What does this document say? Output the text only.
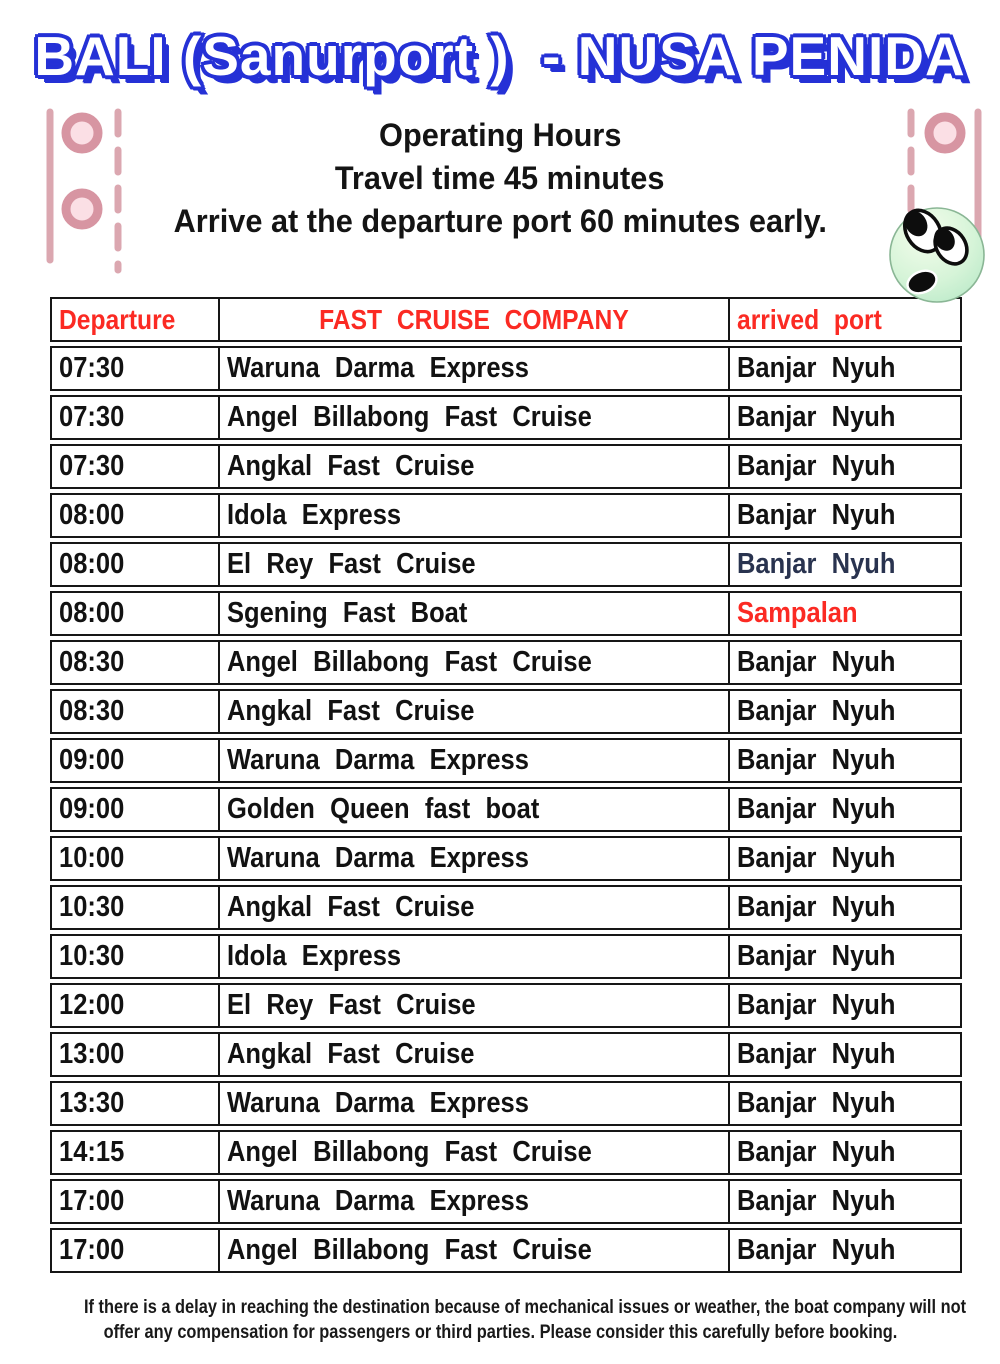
BALI (Sanurport )  - NUSA PENIDA
Operating Hours
Travel time 45 minutes
Arrive at the departure port 60 minutes early.
Departure	FAST CRUISE COMPANY	arrived port
07:30	Waruna Darma Express	Banjar Nyuh
07:30	Angel Billabong Fast Cruise	Banjar Nyuh
07:30	Angkal Fast Cruise	Banjar Nyuh
08:00	Idola Express	Banjar Nyuh
08:00	El Rey Fast Cruise	Banjar Nyuh
08:00	Sgening Fast Boat	Sampalan
08:30	Angel Billabong Fast Cruise	Banjar Nyuh
08:30	Angkal Fast Cruise	Banjar Nyuh
09:00	Waruna Darma Express	Banjar Nyuh
09:00	Golden Queen fast boat	Banjar Nyuh
10:00	Waruna Darma Express	Banjar Nyuh
10:30	Angkal Fast Cruise	Banjar Nyuh
10:30	Idola Express	Banjar Nyuh
12:00	El Rey Fast Cruise	Banjar Nyuh
13:00	Angkal Fast Cruise	Banjar Nyuh
13:30	Waruna Darma Express	Banjar Nyuh
14:15	Angel Billabong Fast Cruise	Banjar Nyuh
17:00	Waruna Darma Express	Banjar Nyuh
17:00	Angel Billabong Fast Cruise	Banjar Nyuh
If there is a delay in reaching the destination because of mechanical issues or weather, the boat company will not
offer any compensation for passengers or third parties. Please consider this carefully before booking.
